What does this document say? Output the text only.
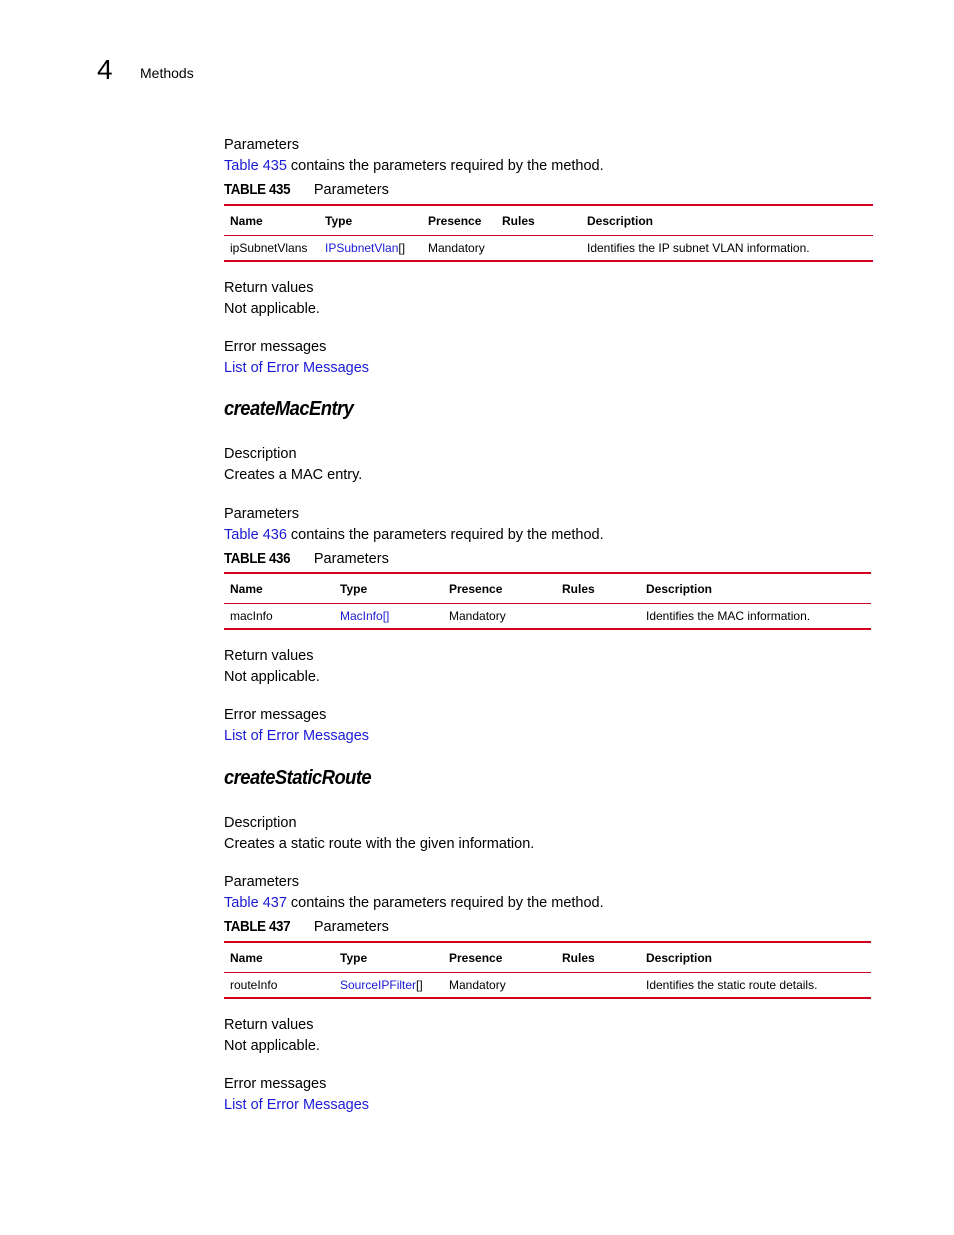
4 Methods
Parameters
Table 435 contains the parameters required by the method.
TABLE 435 Parameters
Name	Type	Presence	Rules	Description
ipSubnetVlans	IPSubnetVlan[]	Mandatory		Identifies the IP subnet VLAN information.
Return values
Not applicable.
Error messages
List of Error Messages
createMacEntry
Description
Creates a MAC entry.
Parameters
Table 436 contains the parameters required by the method.
TABLE 436 Parameters
Name	Type	Presence	Rules	Description
macInfo	MacInfo[]	Mandatory		Identifies the MAC information.
Return values
Not applicable.
Error messages
List of Error Messages
createStaticRoute
Description
Creates a static route with the given information.
Parameters
Table 437 contains the parameters required by the method.
TABLE 437 Parameters
Name	Type	Presence	Rules	Description
routeInfo	SourceIPFilter[]	Mandatory		Identifies the static route details.
Return values
Not applicable.
Error messages
List of Error Messages
